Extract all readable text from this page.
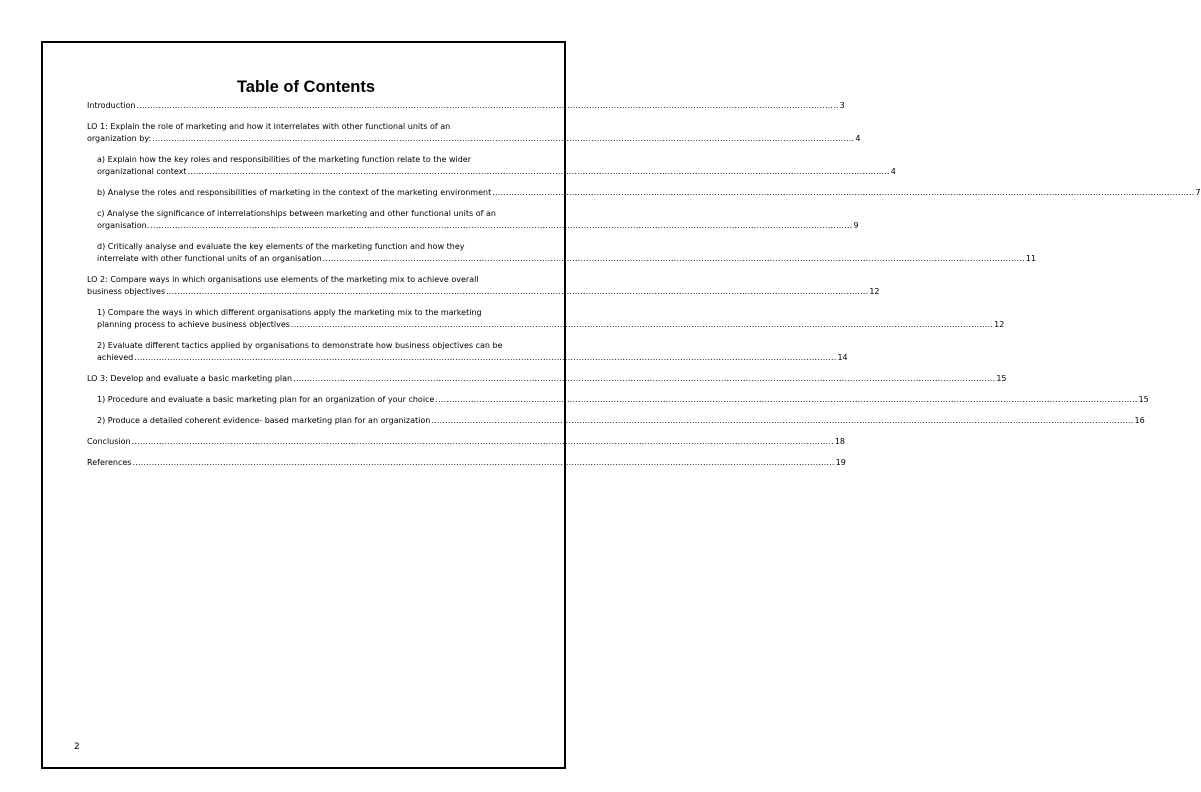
Table of Contents
Introduction .....	3
LO 1: Explain the role of marketing and how it interrelates with other functional units of an
organization by: .....	4
a) Explain how the key roles and responsibilities of the marketing function relate to the wider
organizational context .....	4
b) Analyse the roles and responsibilities of marketing in the context of the marketing environment .....	7
c) Analyse the significance of interrelationships between marketing and other functional units of an
organisation. .....	9
d) Critically analyse and evaluate the key elements of the marketing function and how they
interrelate with other functional units of an organisation .....	11
LO 2: Compare ways in which organisations use elements of the marketing mix to achieve overall
business objectives .....	12
1) Compare the ways in which different organisations apply the marketing mix to the marketing
planning process to achieve business objectives .....	12
2) Evaluate different tactics applied by organisations to demonstrate how business objectives can be
achieved .....	14
LO 3: Develop and evaluate a basic marketing plan .....	15
1) Procedure and evaluate a basic marketing plan for an organization of your choice .....	15
2) Produce a detailed coherent evidence- based marketing plan for an organization .....	16
Conclusion .....	18
References .....	19
2
